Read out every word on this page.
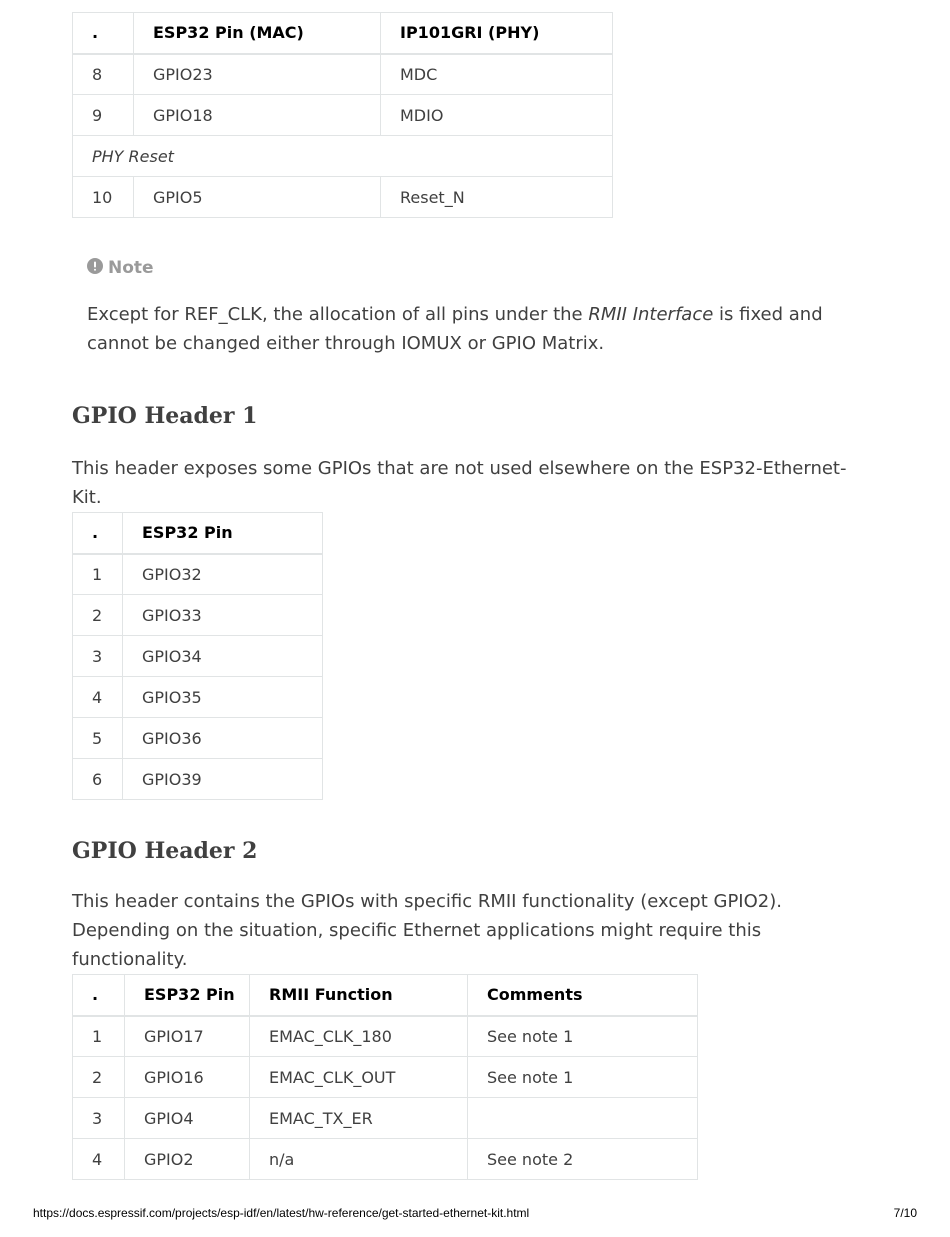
.	ESP32 Pin (MAC)	IP101GRI (PHY)
8	GPIO23	MDC
9	GPIO18	MDIO
PHY Reset		
10	GPIO5	Reset_N
Note
Except for REF_CLK, the allocation of all pins under the RMII Interface is fixed and cannot be changed either through IOMUX or GPIO Matrix.
GPIO Header 1

This header exposes some GPIOs that are not used elsewhere on the ESP32-Ethernet-Kit.

.	ESP32 Pin
1	GPIO32
2	GPIO33
3	GPIO34
4	GPIO35
5	GPIO36
6	GPIO39
GPIO Header 2

This header contains the GPIOs with specific RMII functionality (except GPIO2). Depending on the situation, specific Ethernet applications might require this functionality.

.	ESP32 Pin	RMII Function	Comments
1	GPIO17	EMAC_CLK_180	See note 1
2	GPIO16	EMAC_CLK_OUT	See note 1
3	GPIO4	EMAC_TX_ER	
4	GPIO2	n/a	See note 2
https://docs.espressif.com/projects/esp-idf/en/latest/hw-reference/get-started-ethernet-kit.html	7/10
